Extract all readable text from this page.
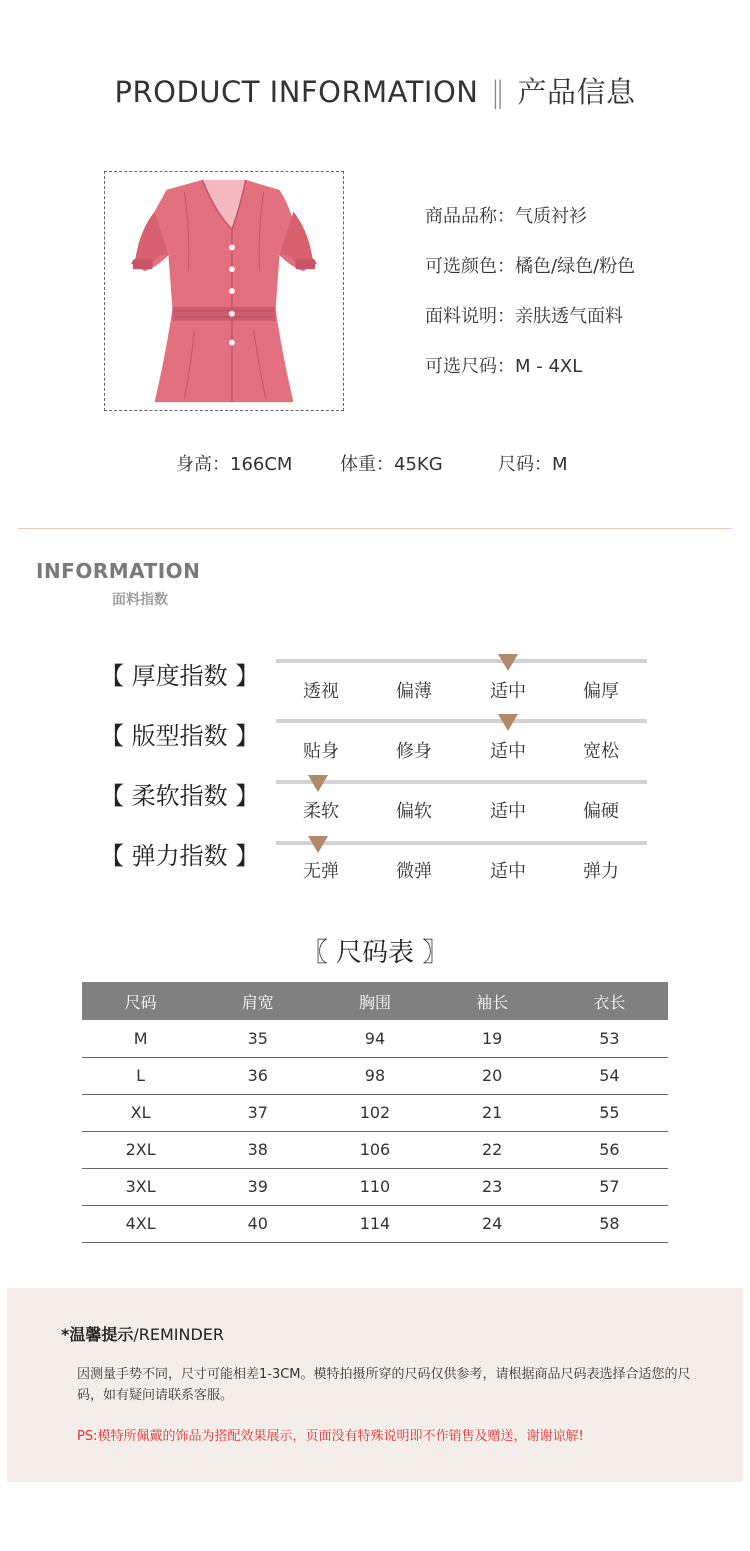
PRODUCT INFORMATION ‖ 产品信息
商品品称：气质衬衫
可选颜色：橘色/绿色/粉色
面料说明：亲肤透气面料
可选尺码：M - 4XL
身高：166CM	体重：45KG	尺码：M
INFORMATION
面料指数
【 厚度指数 】
透视	偏薄	适中	偏厚
【 版型指数 】
贴身	修身	适中	宽松
【 柔软指数 】
柔软	偏软	适中	偏硬
【 弹力指数 】
无弹	微弹	适中	弹力
〖 尺码表 〗
尺码	肩宽	胸围	袖长	衣长
M	35	94	19	53
L	36	98	20	54
XL	37	102	21	55
2XL	38	106	22	56
3XL	39	110	23	57
4XL	40	114	24	58
*温馨提示/REMINDER
因测量手势不同，尺寸可能相差1-3CM。模特拍摄所穿的尺码仅供参考，请根据商品尺码表选择合适您的尺码，如有疑问请联系客服。
PS:模特所佩戴的饰品为搭配效果展示，页面没有特殊说明即不作销售及赠送，谢谢谅解!
